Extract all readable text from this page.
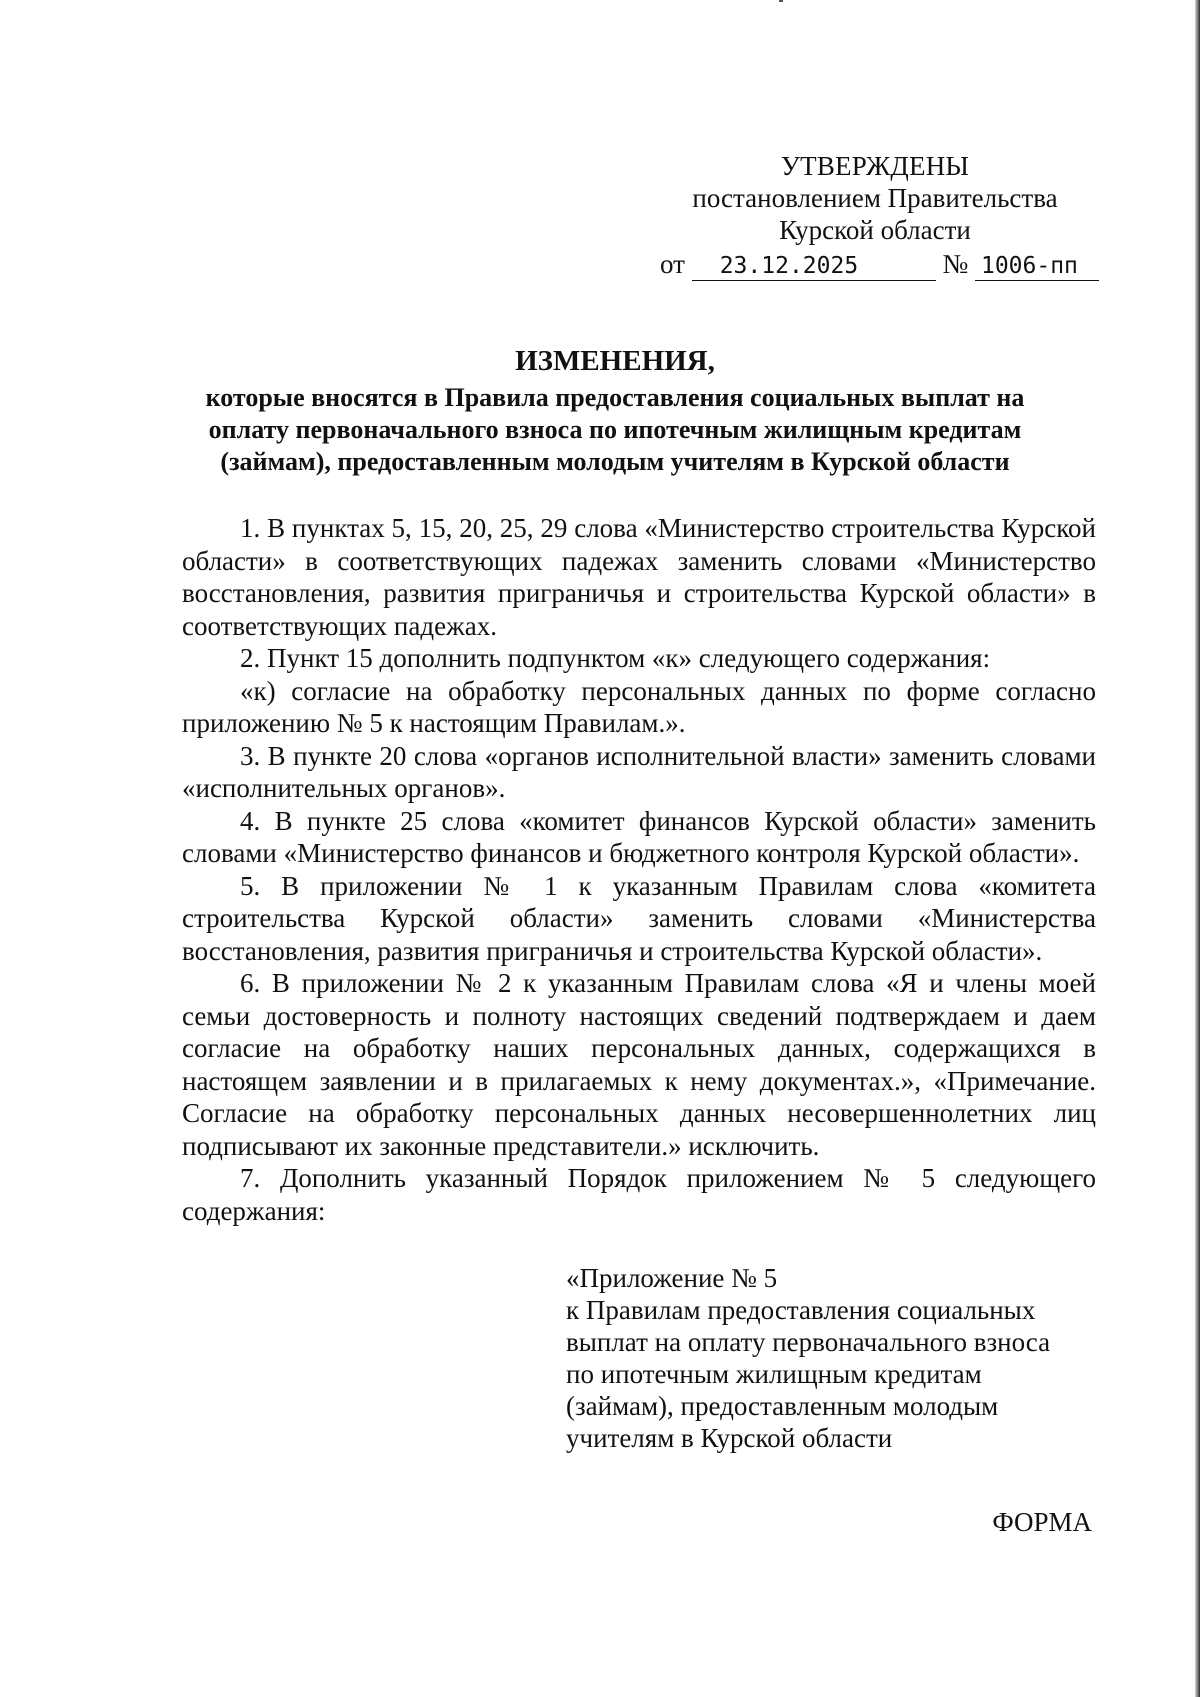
УТВЕРЖДЕНЫ
постановлением Правительства
Курской области
от 23.12.2025	№ 1006-пп
ИЗМЕНЕНИЯ,
которые вносятся в Правила предоставления социальных выплат на
оплату первоначального взноса по ипотечным жилищным кредитам
(займам), предоставленным молодым учителям в Курской области

1. В пунктах 5, 15, 20, 25, 29 слова «Министерство строительства Курской области» в соответствующих падежах заменить словами «Министерство восстановления, развития приграничья и строительства Курской области» в соответствующих падежах.

2. Пункт 15 дополнить подпунктом «к» следующего содержания:

«к) согласие на обработку персональных данных по форме согласно приложению № 5 к настоящим Правилам.».

3. В пункте 20 слова «органов исполнительной власти» заменить словами «исполнительных органов».

4. В пункте 25 слова «комитет финансов Курской области» заменить словами «Министерство финансов и бюджетного контроля Курской области».

5. В приложении № 1 к указанным Правилам слова «комитета строительства Курской области» заменить словами «Министерства восстановления, развития приграничья и строительства Курской области».

6. В приложении № 2 к указанным Правилам слова «Я и члены моей семьи достоверность и полноту настоящих сведений подтверждаем и даем согласие на обработку наших персональных данных, содержащихся в настоящем заявлении и в прилагаемых к нему документах.», «Примечание. Согласие на обработку персональных данных несовершеннолетних лиц подписывают их законные представители.» исключить.

7. Дополнить указанный Порядок приложением № 5 следующего содержания:

«Приложение № 5
к Правилам предоставления социальных
выплат на оплату первоначального взноса
по ипотечным жилищным кредитам
(займам), предоставленным молодым
учителям в Курской области
ФОРМА
